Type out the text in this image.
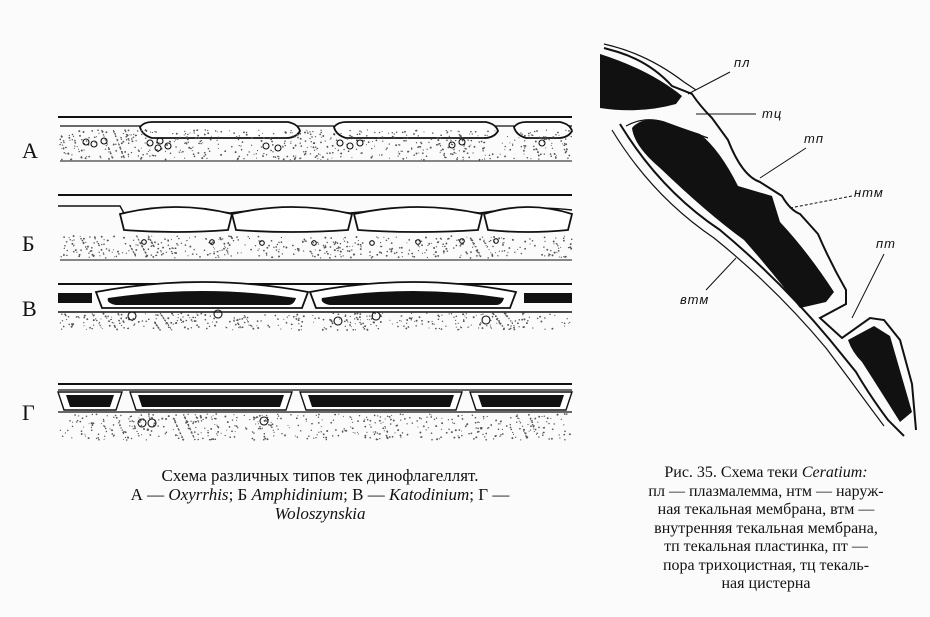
А
Б
В
Г
пл
тц
тп
нтм
пт
втм
Схема различных типов тек динофлагеллят.
А — Oxyrrhis; Б Amphidinium; В — Katodinium; Г —
Woloszynskia
Рис. 35. Схема теки Ceratium:
пл — плазмалемма, нтм — наруж-
ная текальная мембрана, втм —
внутренняя текальная мембрана,
тп текальная пластинка, пт —
пора трихоцистная, тц текаль-
ная цистерна
